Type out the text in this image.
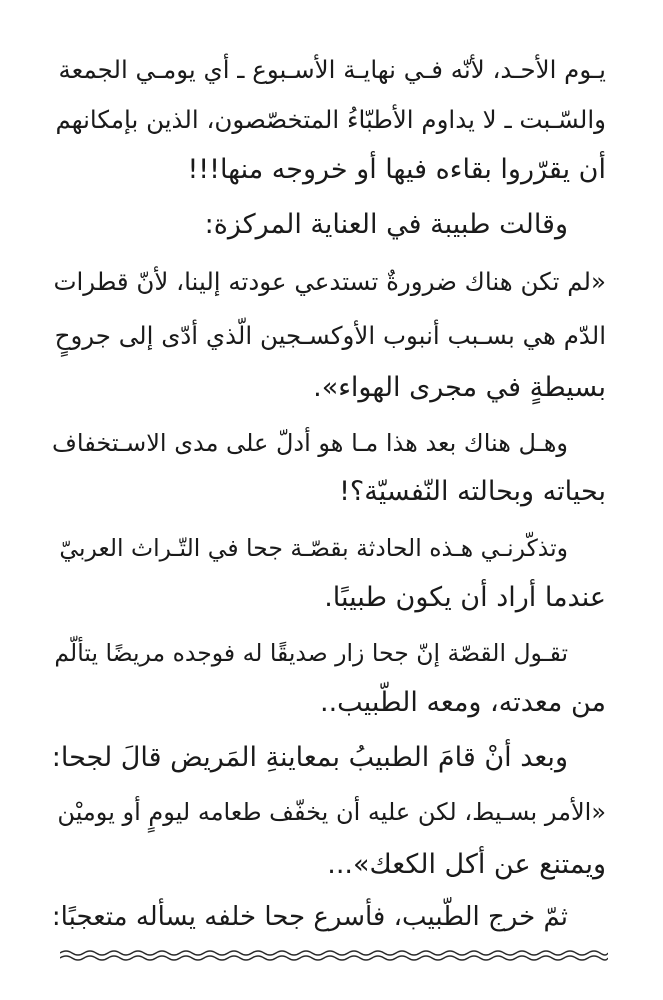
يـوم الأحـد، لأنّه فـي نهايـة الأسـبوع ـ أي يومـي الجمعة
والسّـبت ـ لا يداوم الأطبّاءُ المتخصّصون، الذين بإمكانهم
أن يقرّروا بقاءه فيها أو خروجه منها!!!
وقالت طبيبة في العناية المركزة:
«لم تكن هناك ضرورةٌ تستدعي عودته إلينا، لأنّ قطرات
الدّم هي بسـبب أنبوب الأوكسـجين الّذي أدّى إلى جروحٍ
بسيطةٍ في مجرى الهواء».
وهـل هناك بعد هذا مـا هو أدلّ على مدى الاسـتخفاف
بحياته وبحالته النّفسيّة؟!
وتذكّرنـي هـذه الحادثة بقصّـة جحا في التّـراث العربيّ
عندما أراد أن يكون طبيبًا.
تقـول القصّة إنّ جحا زار صديقًا له فوجده مريضًا يتألّم
من معدته، ومعه الطّبيب..
وبعد أنْ قامَ الطبيبُ بمعاينةِ المَريض قالَ لجحا:
«الأمر بسـيط، لكن عليه أن يخفّف طعامه ليومٍ أو يوميْن
ويمتنع عن أكل الكعك»...
ثمّ خرج الطّبيب، فأسرع جحا خلفه يسأله متعجبًا:
